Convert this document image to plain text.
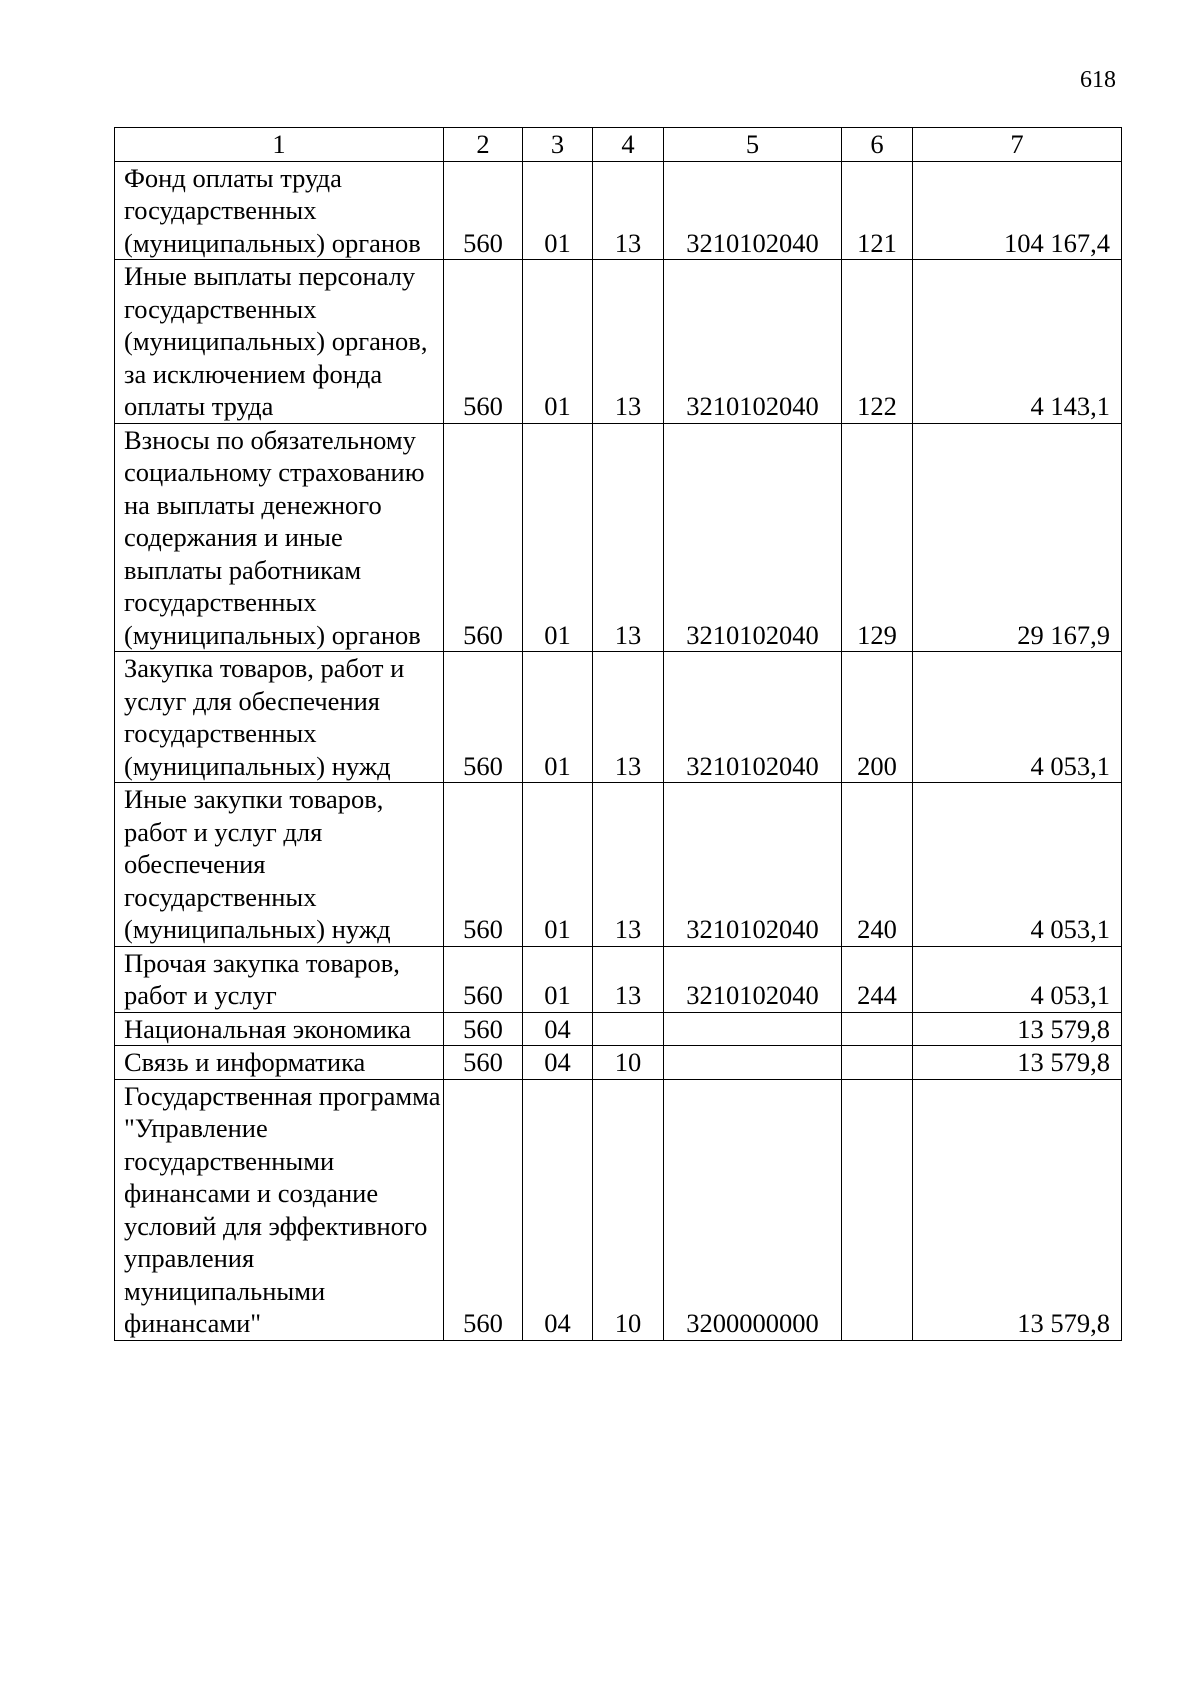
618
1	2	3	4	5	6	7
Фонд оплаты труда государственных (муниципальных) органов	560	01	13	3210102040	121	104 167,4
Иные выплаты персоналу государственных (муниципальных) органов, за исключением фонда оплаты труда	560	01	13	3210102040	122	4 143,1
Взносы по обязательному социальному страхованию на выплаты денежного содержания и иные выплаты работникам государственных (муниципальных) органов	560	01	13	3210102040	129	29 167,9
Закупка товаров, работ и услуг для обеспечения государственных (муниципальных) нужд	560	01	13	3210102040	200	4 053,1
Иные закупки товаров, работ и услуг для обеспечения государственных (муниципальных) нужд	560	01	13	3210102040	240	4 053,1
Прочая закупка товаров, работ и услуг	560	01	13	3210102040	244	4 053,1
Национальная экономика	560	04				13 579,8
Связь и информатика	560	04	10			13 579,8
Государственная программа "Управление государственными финансами и создание условий для эффективного управления муниципальными финансами"	560	04	10	3200000000		13 579,8
